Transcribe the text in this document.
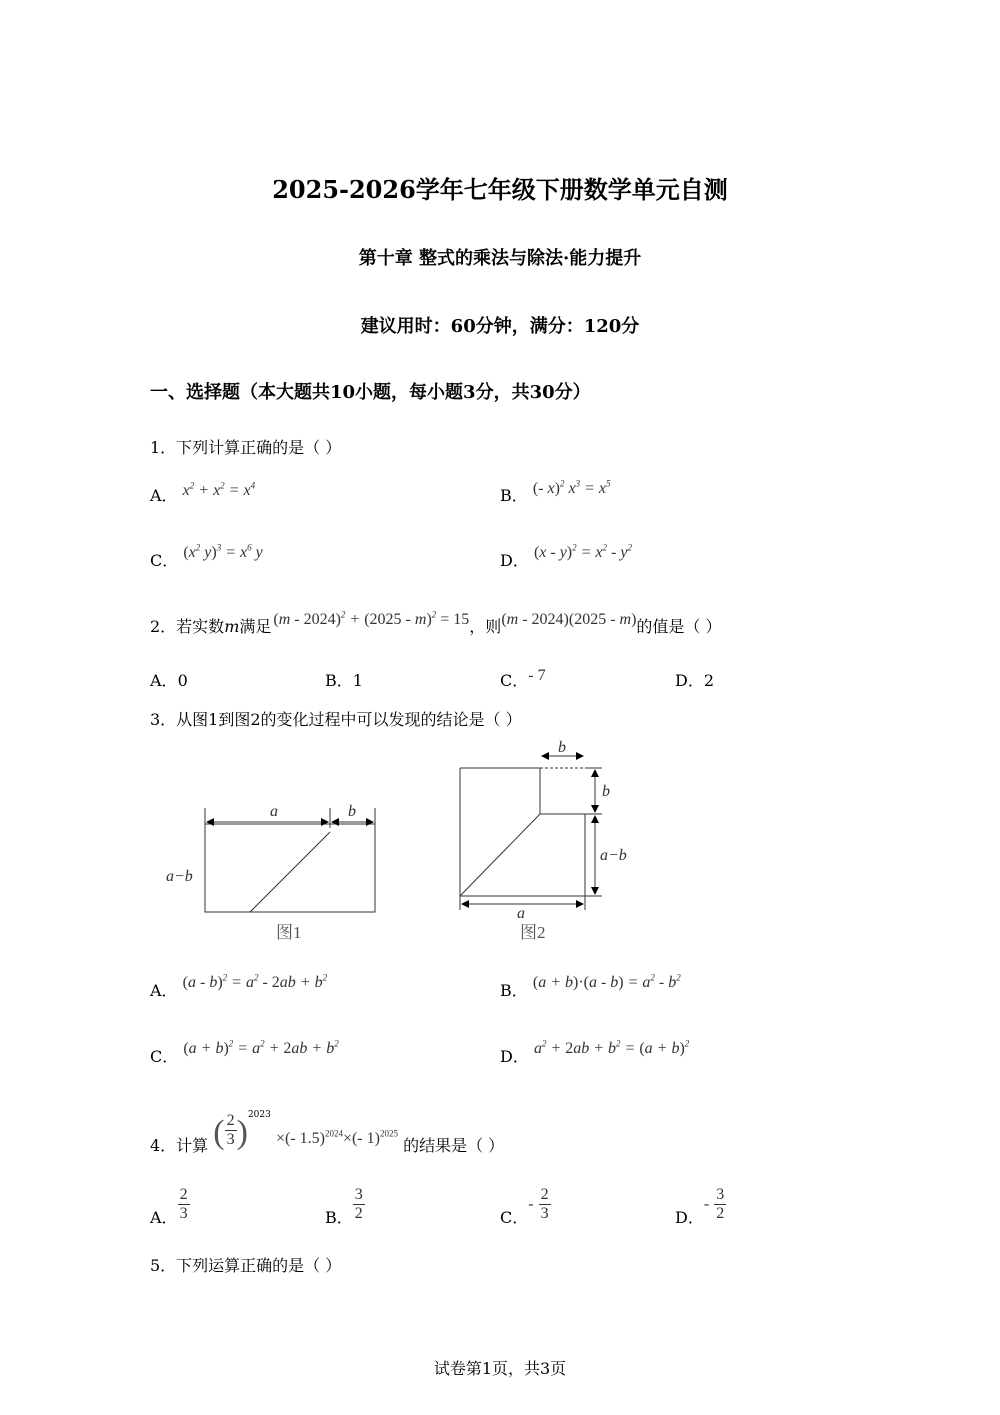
2025-2026学年七年级下册数学单元自测
第十章 整式的乘法与除法·能力提升
建议用时：60分钟，满分：120分
一、选择题（本大题共10小题，每小题3分，共30分）
1．下列计算正确的是（ ）
A． $x^2 + x^2 = x^4$
B． (- x)$^2$ $x^3 = x^5$
C． ($x^2$ $y)^3 = x^6$ y	D． $(x - y)^2 = x^2 - y^2$
2．若实数m满足 (m - 2024)$^2$ + (2025 - m)$^2$ = 15，则(m - 2024)(2025 - m)的值是（ ）
A．0	B．1	C．- 7	D．2
3．从图1到图2的变化过程中可以发现的结论是（ ）
a	b
a−b
图1
b
b
a−b
a
图2
A． $(a - b)^2 = a^2 - 2ab + b^2$
B． $(a + b)\cdot(a - b) = a^2 - b^2$
C． $(a + b)^2 = a^2 + 2ab + b^2$
D． $a^2 + 2ab + b^2 = (a + b)^2$
4．计算 ( $\frac{2}{3} )^{2023}$ ×(- 1.5)$^{2024}$×(- 1)$^{2025}$ 的结果是（ ）
A． $\frac{2}{3}$	B． $\frac{3}{2}$	C．- $\frac{2}{3}$	D．- $\frac{3}{2}$
5．下列运算正确的是（ ）
试卷第1页，共3页
